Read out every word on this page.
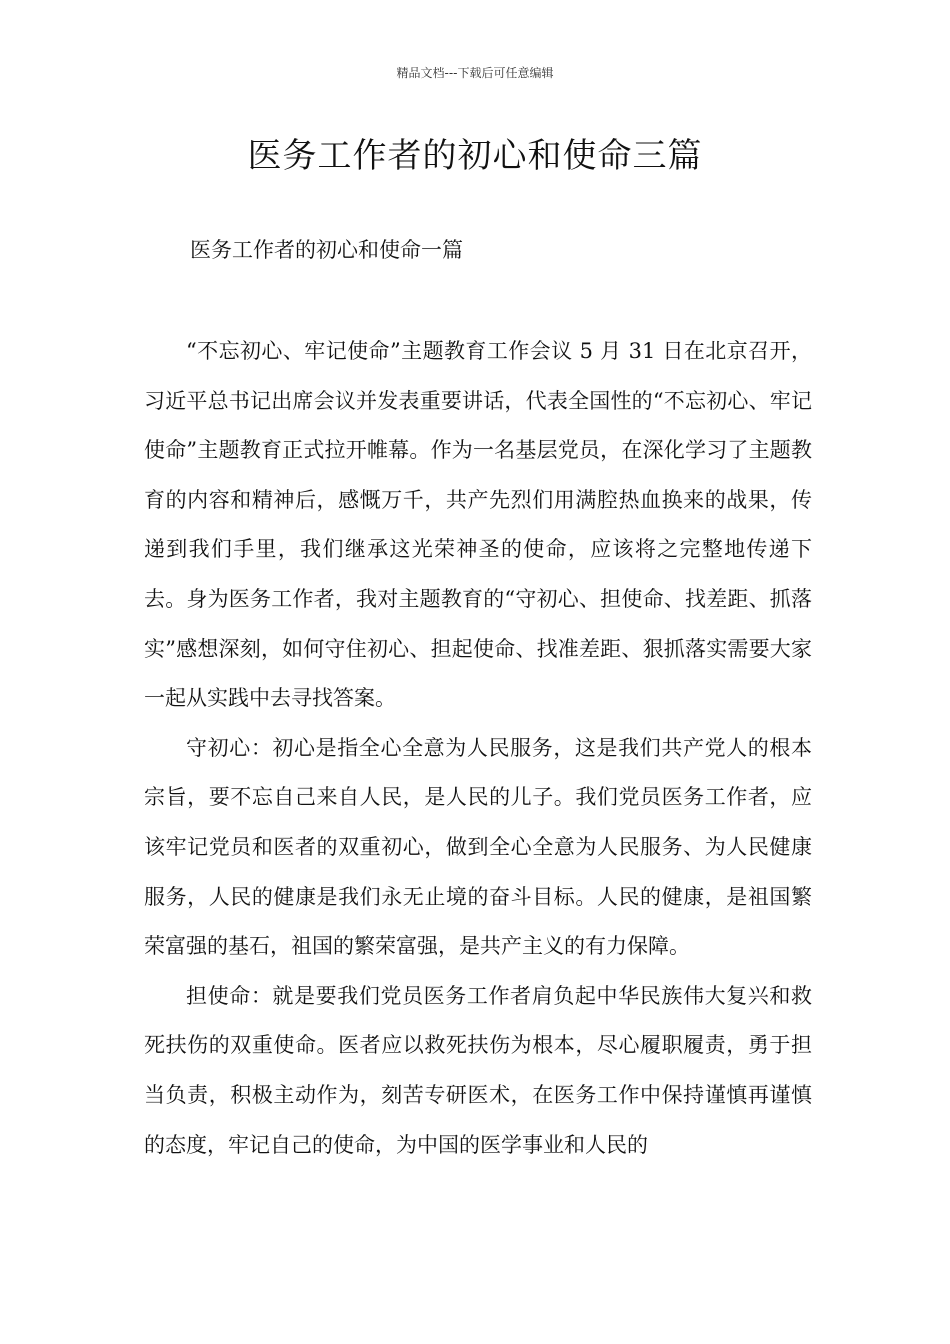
精品文档---下载后可任意编辑
医务工作者的初心和使命三篇
医务工作者的初心和使命一篇

“不忘初心、牢记使命”主题教育工作会议 5 月 31 日在北京召开，习近平总书记出席会议并发表重要讲话，代表全国性的“不忘初心、牢记使命”主题教育正式拉开帷幕。作为一名基层党员，在深化学习了主题教育的内容和精神后，感慨万千，共产先烈们用满腔热血换来的战果，传递到我们手里，我们继承这光荣神圣的使命，应该将之完整地传递下去。身为医务工作者，我对主题教育的“守初心、担使命、找差距、抓落实”感想深刻，如何守住初心、担起使命、找准差距、狠抓落实需要大家一起从实践中去寻找答案。

守初心：初心是指全心全意为人民服务，这是我们共产党人的根本宗旨，要不忘自己来自人民，是人民的儿子。我们党员医务工作者，应该牢记党员和医者的双重初心，做到全心全意为人民服务、为人民健康服务，人民的健康是我们永无止境的奋斗目标。人民的健康，是祖国繁荣富强的基石，祖国的繁荣富强，是共产主义的有力保障。

担使命：就是要我们党员医务工作者肩负起中华民族伟大复兴和救死扶伤的双重使命。医者应以救死扶伤为根本，尽心履职履责，勇于担当负责，积极主动作为，刻苦专研医术，在医务工作中保持谨慎再谨慎的态度，牢记自己的使命，为中国的医学事业和人民的
